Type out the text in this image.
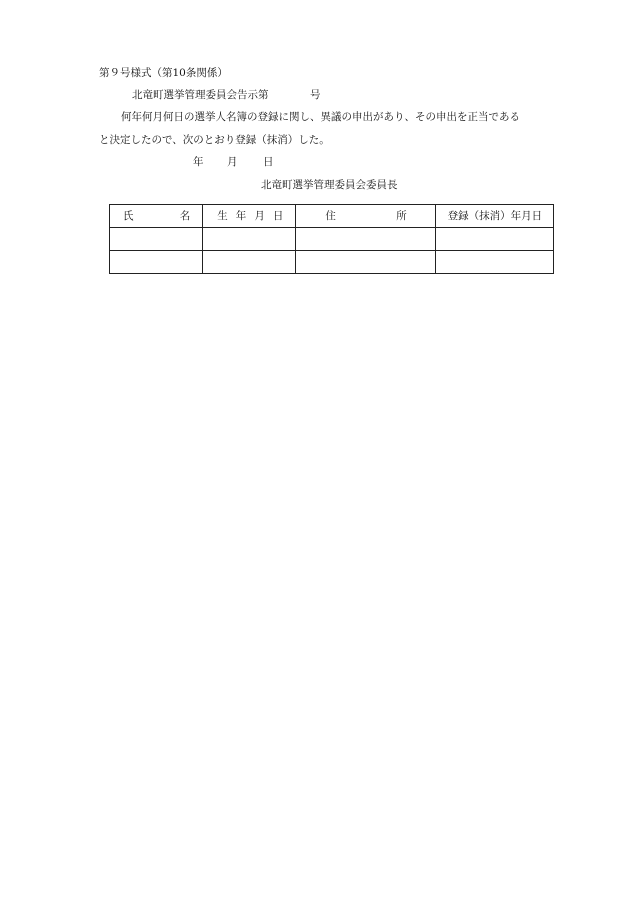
第９号様式（第10条関係）
北竜町選挙管理委員会告示第	号
何年何月何日の選挙人名簿の登録に関し、異議の申出があり、その申出を正当である
と決定したので、次のとおり登録（抹消）した。

年

月

日

北竜町選挙管理委員会委員長
氏 名	生 年 月 日	住 所	登録（抹消）年月日
